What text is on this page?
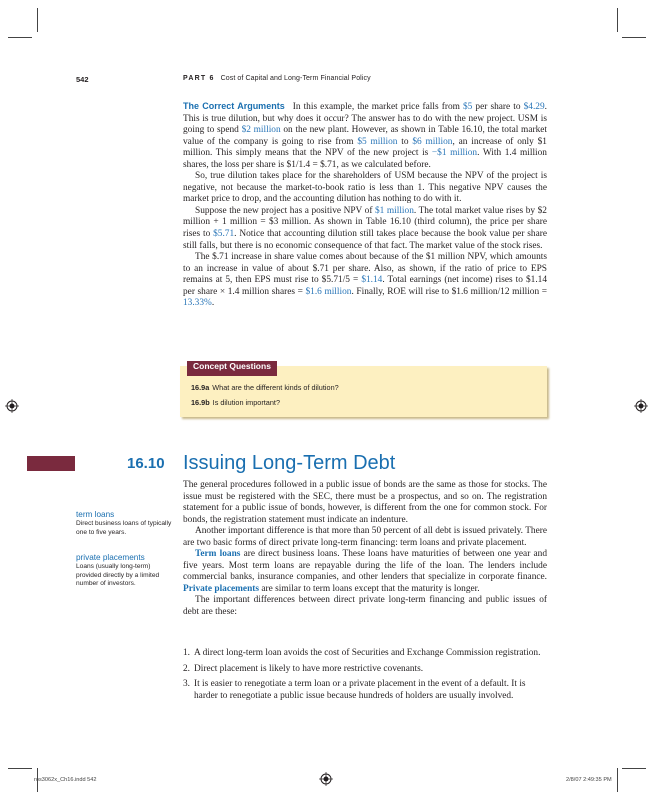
542	PART 6 Cost of Capital and Long-Term Financial Policy

The Correct Arguments In this example, the market price falls from $5 per share to $4.29. This is true dilution, but why does it occur? The answer has to do with the new project. USM is going to spend $2 million on the new plant. However, as shown in Table 16.10, the total market value of the company is going to rise from $5 million to $6 million, an increase of only $1 million. This simply means that the NPV of the new project is −$1 million. With 1.4 million shares, the loss per share is $1/1.4 = $.71, as we calculated before.

So, true dilution takes place for the shareholders of USM because the NPV of the project is negative, not because the market-to-book ratio is less than 1. This negative NPV causes the market price to drop, and the accounting dilution has nothing to do with it.

Suppose the new project has a positive NPV of $1 million. The total market value rises by $2 million + 1 million = $3 million. As shown in Table 16.10 (third column), the price per share rises to $5.71. Notice that accounting dilution still takes place because the book value per share still falls, but there is no economic consequence of that fact. The market value of the stock rises.

The $.71 increase in share value comes about because of the $1 million NPV, which amounts to an increase in value of about $.71 per share. Also, as shown, if the ratio of price to EPS remains at 5, then EPS must rise to $5.71/5 = $1.14. Total earnings (net income) rises to $1.14 per share × 1.4 million shares = $1.6 million. Finally, ROE will rise to $1.6 million/12 million = 13.33%.

Concept Questions
16.9a What are the different kinds of dilution?
16.9b Is dilution important?
16.10 Issuing Long-Term Debt
term loans
Direct business loans of typically one to five years.
private placements
Loans (usually long-term) provided directly by a limited number of investors.

The general procedures followed in a public issue of bonds are the same as those for stocks. The issue must be registered with the SEC, there must be a prospectus, and so on. The registration statement for a public issue of bonds, however, is different from the one for common stock. For bonds, the registration statement must indicate an indenture.

Another important difference is that more than 50 percent of all debt is issued privately. There are two basic forms of direct private long-term financing: term loans and private placement.

Term loans are direct business loans. These loans have maturities of between one year and five years. Most term loans are repayable during the life of the loan. The lenders include commercial banks, insurance companies, and other lenders that specialize in corporate finance. Private placements are similar to term loans except that the maturity is longer.

The important differences between direct private long-term financing and public issues of debt are these:

1. A direct long-term loan avoids the cost of Securities and Exchange Commission registration.
2. Direct placement is likely to have more restrictive covenants.
3. It is easier to renegotiate a term loan or a private placement in the event of a default. It is harder to renegotiate a public issue because hundreds of holders are usually involved.
ros3062x_Ch16.indd 542	2/8/07 2:49:35 PM
